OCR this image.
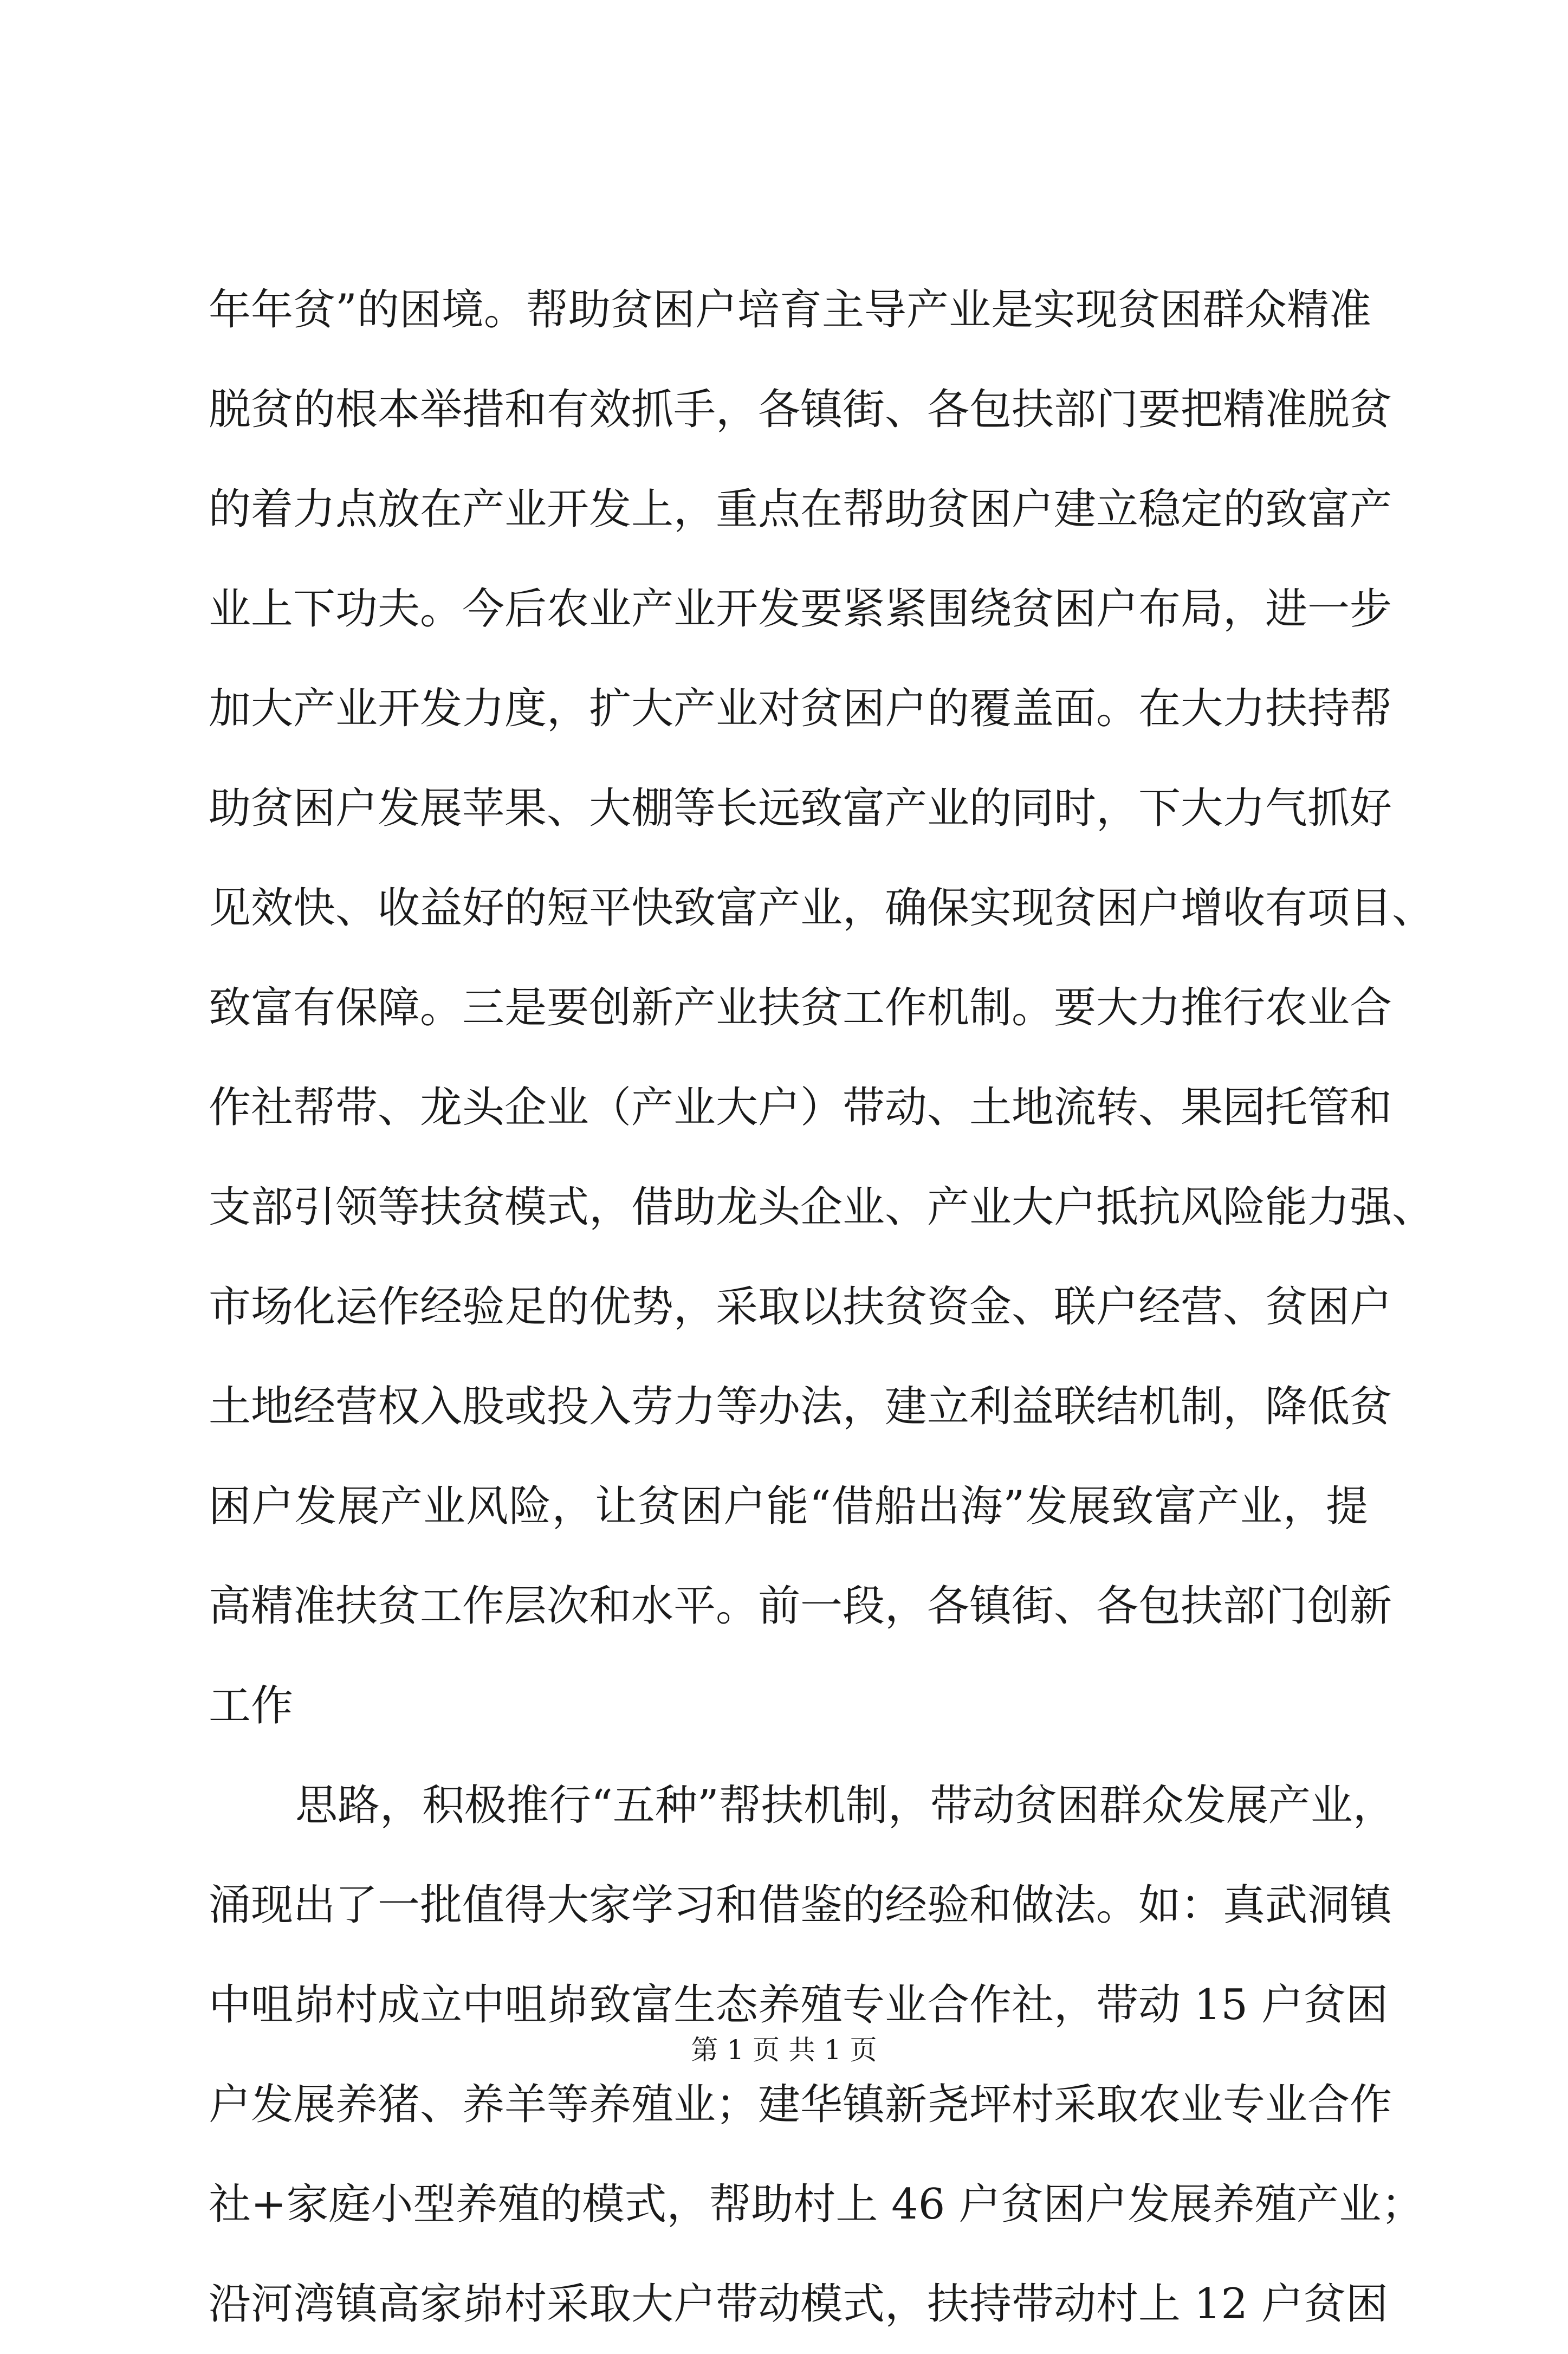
年年贫”的困境。帮助贫困户培育主导产业是实现贫困群众精准
脱贫的根本举措和有效抓手，各镇街、各包扶部门要把精准脱贫
的着力点放在产业开发上，重点在帮助贫困户建立稳定的致富产
业上下功夫。今后农业产业开发要紧紧围绕贫困户布局，进一步
加大产业开发力度，扩大产业对贫困户的覆盖面。在大力扶持帮
助贫困户发展苹果、大棚等长远致富产业的同时，下大力气抓好
见效快、收益好的短平快致富产业，确保实现贫困户增收有项目、
致富有保障。三是要创新产业扶贫工作机制。要大力推行农业合
作社帮带、龙头企业（产业大户）带动、土地流转、果园托管和
支部引领等扶贫模式，借助龙头企业、产业大户抵抗风险能力强、
市场化运作经验足的优势，采取以扶贫资金、联户经营、贫困户
土地经营权入股或投入劳力等办法，建立利益联结机制，降低贫
困户发展产业风险，让贫困户能“借船出海”发展致富产业，提
高精准扶贫工作层次和水平。前一段，各镇街、各包扶部门创新
工作
思路，积极推行“五种”帮扶机制，带动贫困群众发展产业，
涌现出了一批值得大家学习和借鉴的经验和做法。如：真武洞镇
中咀峁村成立中咀峁致富生态养殖专业合作社，带动 15 户贫困
户发展养猪、养羊等养殖业；建华镇新尧坪村采取农业专业合作
社+家庭小型养殖的模式，帮助村上 46 户贫困户发展养殖产业；
沿河湾镇高家峁村采取大户带动模式，扶持带动村上 12 户贫困
第 1 页 共 1 页
